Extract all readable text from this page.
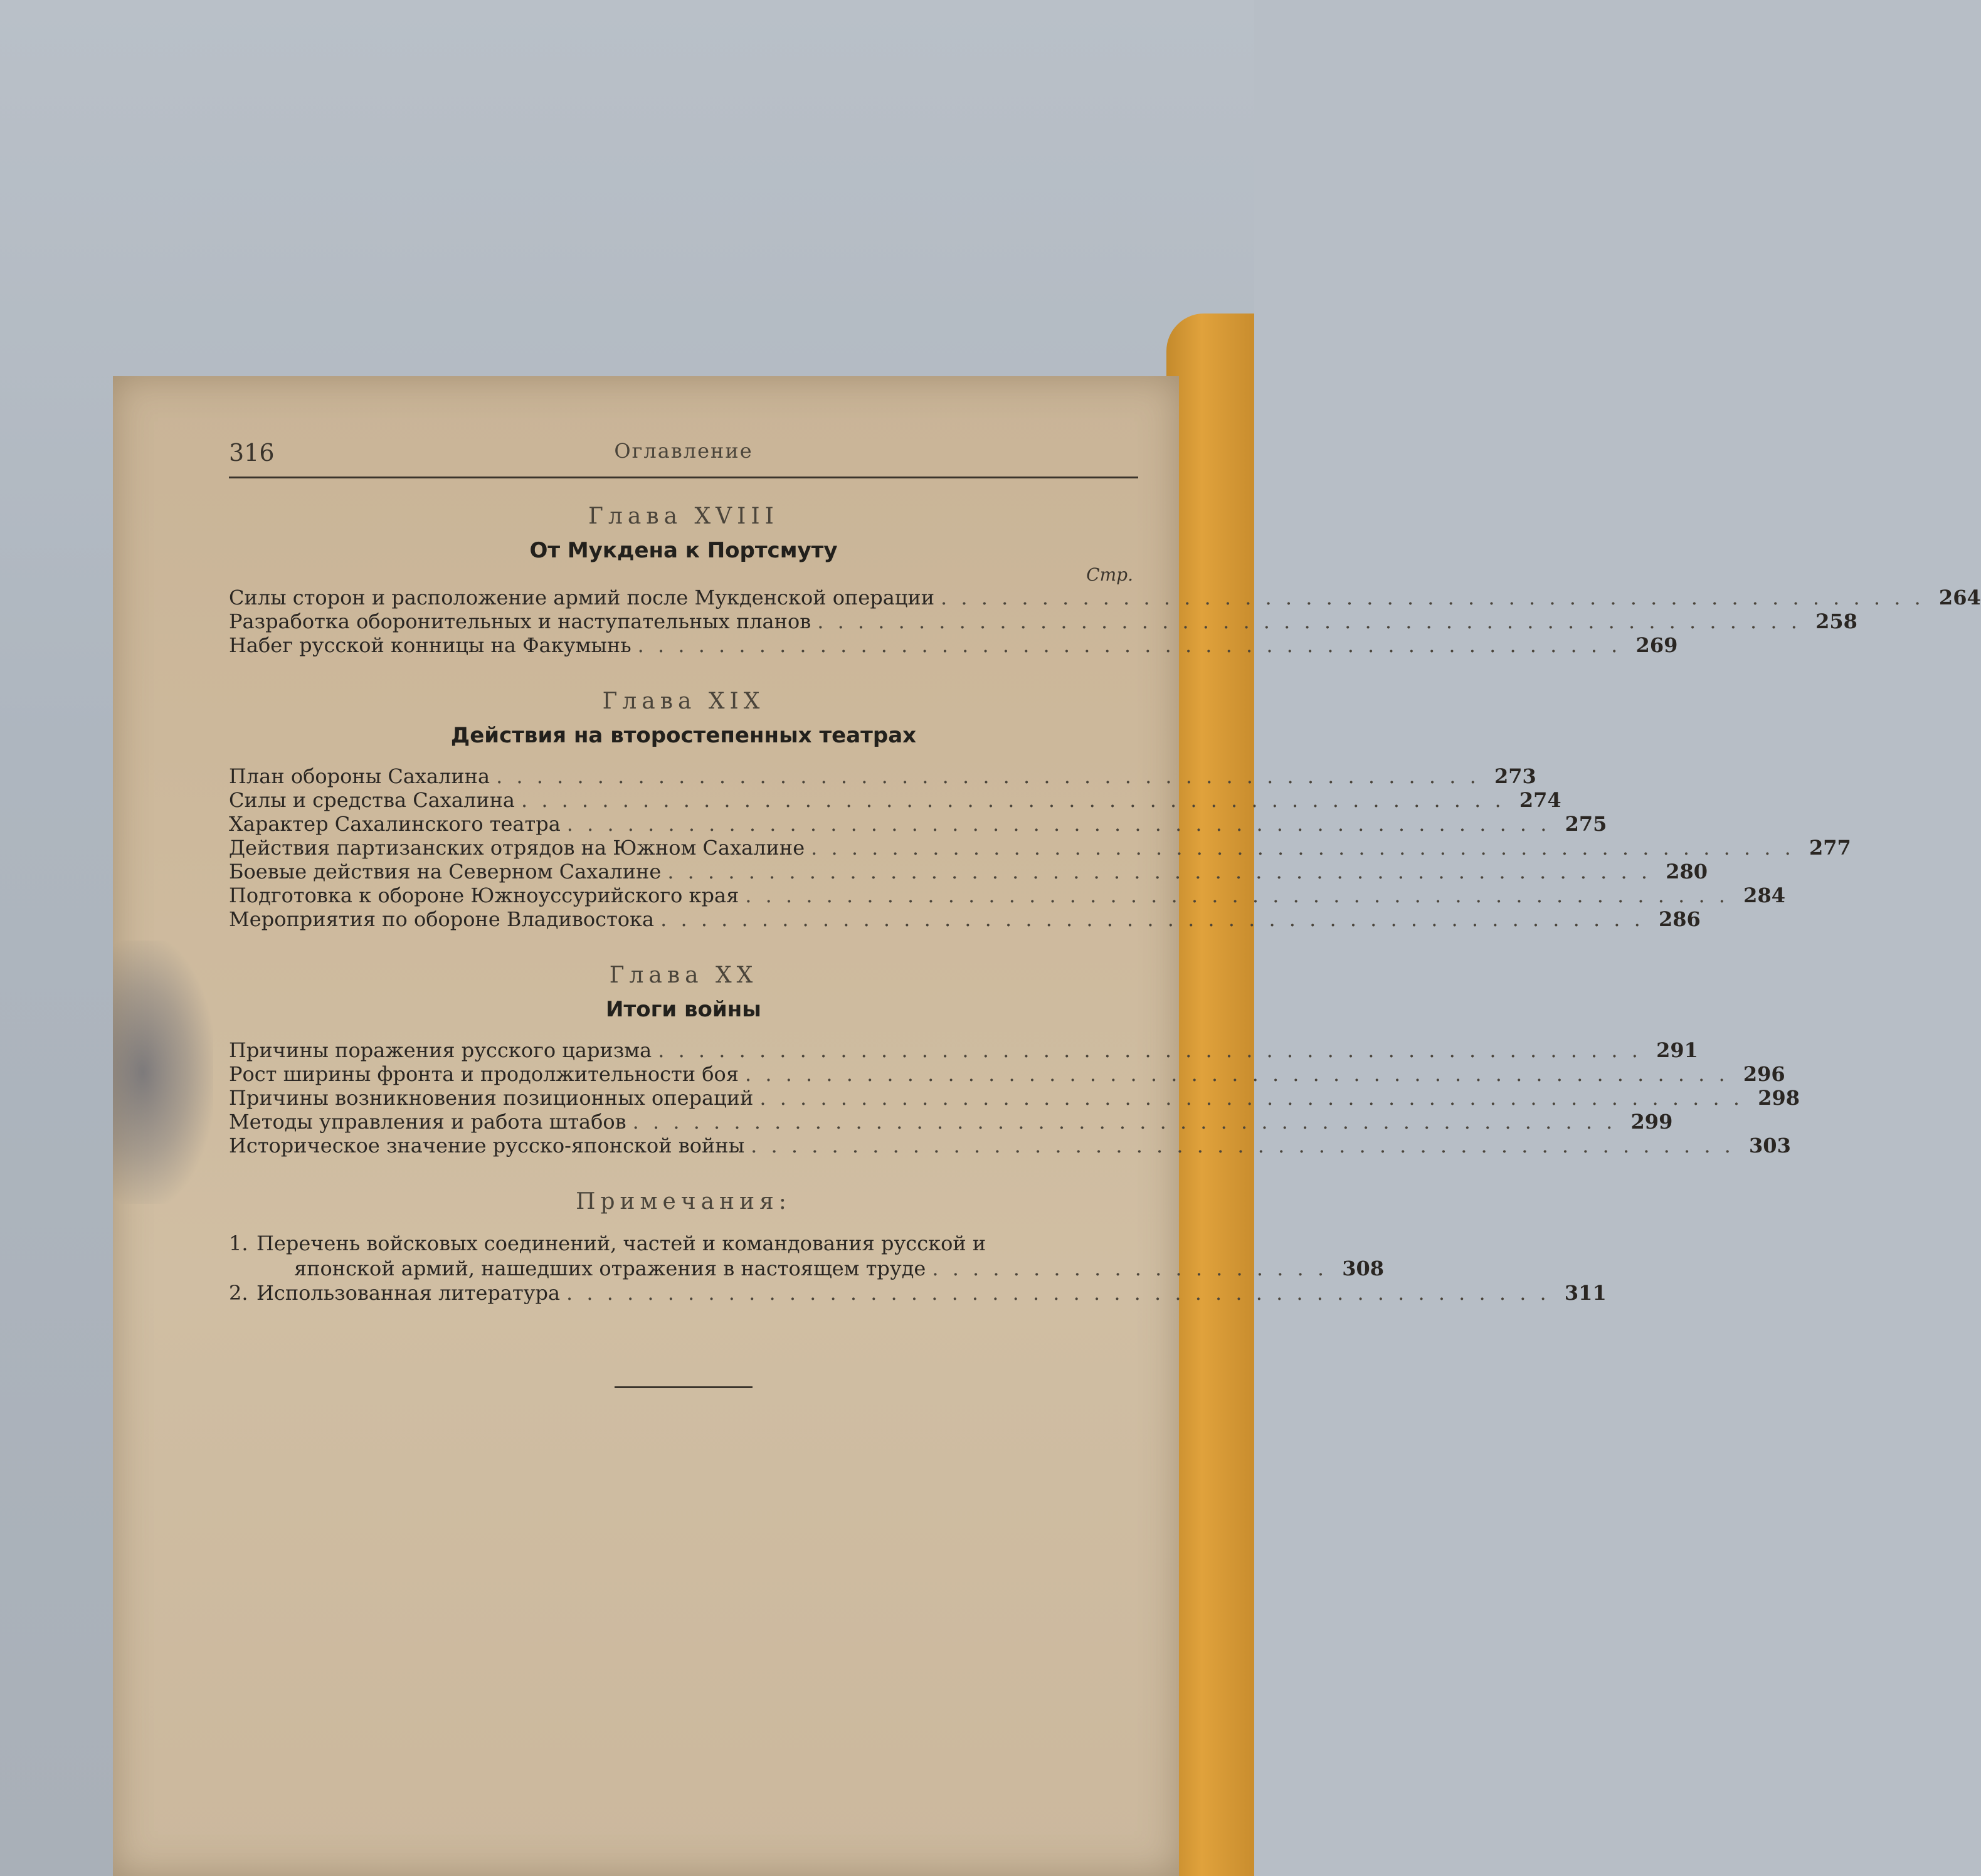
316	Оглавление
Глава XVIII
От Мукдена к Портсмуту
Стр.
Силы сторон и расположение армий после Мукденской операции . . . . . . . . . . . . . . . . . . . . . . . . . . . . . . . . . . . . . . . . . . . . . . . . . 264
Разработка оборонительных и наступательных планов . . . . . . . . . . . . . . . . . . . . . . . . . . . . . . . . . . . . . . . . . . . . . . . . . 258
Набег русской конницы на Факумынь . . . . . . . . . . . . . . . . . . . . . . . . . . . . . . . . . . . . . . . . . . . . . . . . . 269
Глава XIX
Действия на второстепенных театрах
План обороны Сахалина . . . . . . . . . . . . . . . . . . . . . . . . . . . . . . . . . . . . . . . . . . . . . . . . . 273
Силы и средства Сахалина . . . . . . . . . . . . . . . . . . . . . . . . . . . . . . . . . . . . . . . . . . . . . . . . . 274
Характер Сахалинского театра . . . . . . . . . . . . . . . . . . . . . . . . . . . . . . . . . . . . . . . . . . . . . . . . . 275
Действия партизанских отрядов на Южном Сахалине . . . . . . . . . . . . . . . . . . . . . . . . . . . . . . . . . . . . . . . . . . . . . . . . . 277
Боевые действия на Северном Сахалине . . . . . . . . . . . . . . . . . . . . . . . . . . . . . . . . . . . . . . . . . . . . . . . . . 280
Подготовка к обороне Южноуссурийского края . . . . . . . . . . . . . . . . . . . . . . . . . . . . . . . . . . . . . . . . . . . . . . . . . 284
Мероприятия по обороне Владивостока . . . . . . . . . . . . . . . . . . . . . . . . . . . . . . . . . . . . . . . . . . . . . . . . . 286
Глава XX
Итоги войны
Причины поражения русского царизма . . . . . . . . . . . . . . . . . . . . . . . . . . . . . . . . . . . . . . . . . . . . . . . . . 291
Рост ширины фронта и продолжительности боя . . . . . . . . . . . . . . . . . . . . . . . . . . . . . . . . . . . . . . . . . . . . . . . . . 296
Причины возникновения позиционных операций . . . . . . . . . . . . . . . . . . . . . . . . . . . . . . . . . . . . . . . . . . . . . . . . . 298
Методы управления и работа штабов . . . . . . . . . . . . . . . . . . . . . . . . . . . . . . . . . . . . . . . . . . . . . . . . . 299
Историческое значение русско-японской войны . . . . . . . . . . . . . . . . . . . . . . . . . . . . . . . . . . . . . . . . . . . . . . . . . 303
Примечания:
1. Перечень войсковых соединений, частей и командования русской и
японской армий, нашедших отражения в настоящем труде . . . . . . . . . . . . . . . . . . . . 308
2. Использованная литература . . . . . . . . . . . . . . . . . . . . . . . . . . . . . . . . . . . . . . . . . . . . . . . . . 311
